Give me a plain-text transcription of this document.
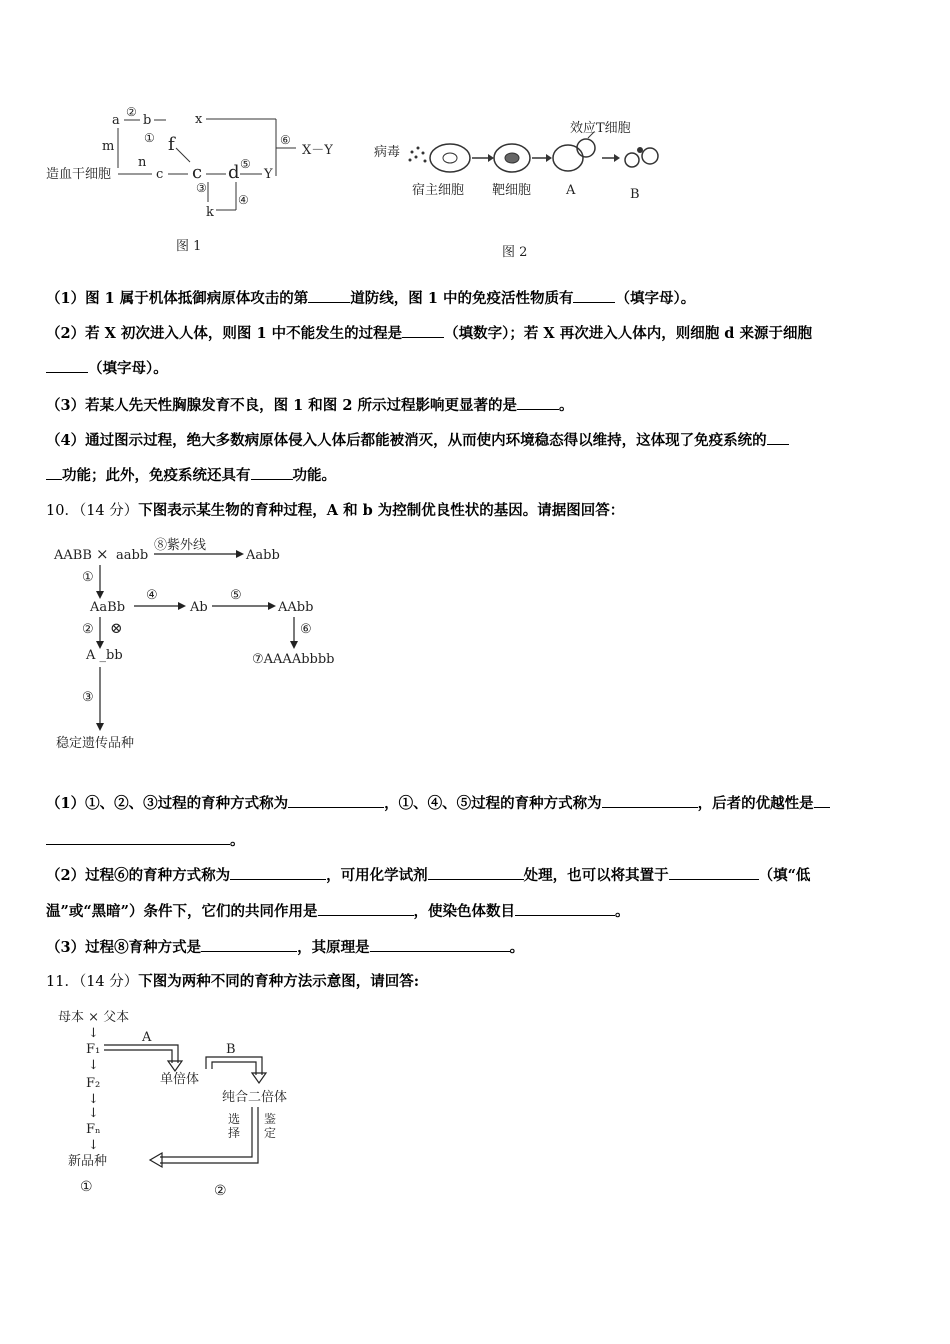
a
②
b	x
① f
m
造血干细胞
n
c c d ⑤
Y
⑥
X－Y
③
k
④
图 1
效应T细胞
病毒
宿主细胞 靶细胞	A	B
图 2
（1）图 1 属于机体抵御病原体攻击的第	道防线，图 1 中的免疫活性物质有	（填字母）。
（2）若 X 初次进入人体，则图 1 中不能发生的过程是	（填数字）；若 X 再次进入人体内，则细胞 d 来源于细胞
（填字母）。
（3）若某人先天性胸腺发育不良，图 1 和图 2 所示过程影响更显著的是	。
（4）通过图示过程，绝大多数病原体侵入人体后都能被消灭，从而使内环境稳态得以维持，这体现了免疫系统的
功能；此外，免疫系统还具有	功能。
10．（14 分）下图表示某生物的育种过程，A 和 b 为控制优良性状的基因。请据图回答：
AABB × aabb
⑧紫外线
Aabb
①
AaBb
④
Ab
⑤
AAbb
② ⊗
A _bb
⑥
⑦AAAAbbbb
③
稳定遗传品种
（1）①、②、③过程的育种方式称为	，①、④、⑤过程的育种方式称为	，后者的优越性是
。
（2）过程⑥的育种方式称为	，可用化学试剂	处理，也可以将其置于	（填“低
温”或“黑暗”）条件下，它们的共同作用是	，使染色体数目	。
（3）过程⑧育种方式是	，其原理是	。
11．（14 分）下图为两种不同的育种方法示意图，请回答:
母本 × 父本
↓
F₁
↓
F₂
↓
↓
Fₙ
↓
新品种
①
A
单倍体
B
纯合二倍体
选
择
鉴
定
②
